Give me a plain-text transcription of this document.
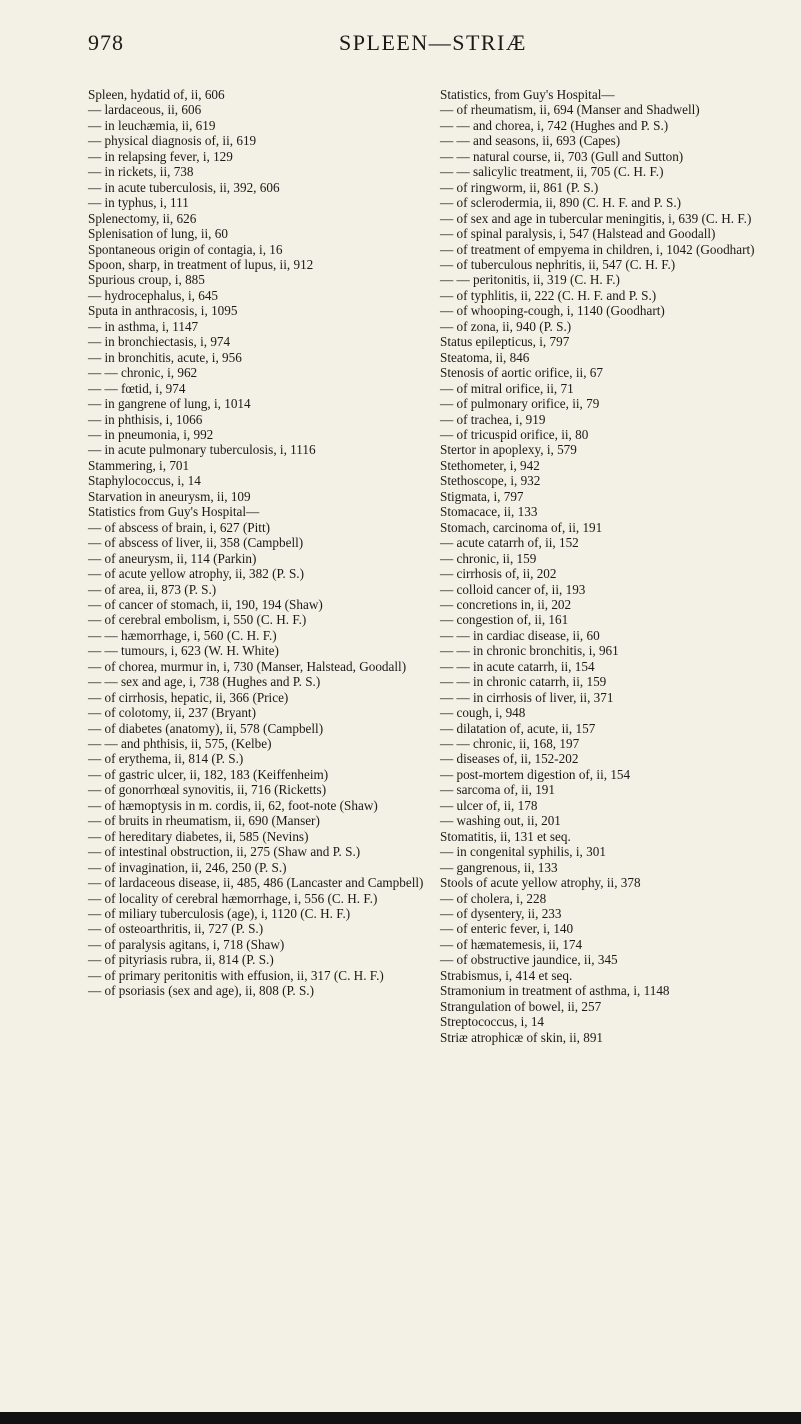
978	SPLEEN—STRIÆ
Spleen, hydatid of, ii, 606
— lardaceous, ii, 606
— in leuchæmia, ii, 619
— physical diagnosis of, ii, 619
— in relapsing fever, i, 129
— in rickets, ii, 738
— in acute tuberculosis, ii, 392, 606
— in typhus, i, 111
Splenectomy, ii, 626
Splenisation of lung, ii, 60
Spontaneous origin of contagia, i, 16
Spoon, sharp, in treatment of lupus, ii, 912
Spurious croup, i, 885
— hydrocephalus, i, 645
Sputa in anthracosis, i, 1095
— in asthma, i, 1147
— in bronchiectasis, i, 974
— in bronchitis, acute, i, 956
— — chronic, i, 962
— — fœtid, i, 974
— in gangrene of lung, i, 1014
— in phthisis, i, 1066
— in pneumonia, i, 992
— in acute pulmonary tuberculosis, i, 1116
Stammering, i, 701
Staphylococcus, i, 14
Starvation in aneurysm, ii, 109
Statistics from Guy's Hospital—
— of abscess of brain, i, 627 (Pitt)
— of abscess of liver, ii, 358 (Campbell)
— of aneurysm, ii, 114 (Parkin)
— of acute yellow atrophy, ii, 382 (P. S.)
— of area, ii, 873 (P. S.)
— of cancer of stomach, ii, 190, 194 (Shaw)
— of cerebral embolism, i, 550 (C. H. F.)
— — hæmorrhage, i, 560 (C. H. F.)
— — tumours, i, 623 (W. H. White)
— of chorea, murmur in, i, 730 (Manser, Halstead, Goodall)
— — sex and age, i, 738 (Hughes and P. S.)
— of cirrhosis, hepatic, ii, 366 (Price)
— of colotomy, ii, 237 (Bryant)
— of diabetes (anatomy), ii, 578 (Campbell)
— — and phthisis, ii, 575, (Kelbe)
— of erythema, ii, 814 (P. S.)
— of gastric ulcer, ii, 182, 183 (Keiffenheim)
— of gonorrhœal synovitis, ii, 716 (Ricketts)
— of hæmoptysis in m. cordis, ii, 62, foot-note (Shaw)
— of bruits in rheumatism, ii, 690 (Manser)
— of hereditary diabetes, ii, 585 (Nevins)
— of intestinal obstruction, ii, 275 (Shaw and P. S.)
— of invagination, ii, 246, 250 (P. S.)
— of lardaceous disease, ii, 485, 486 (Lancaster and Campbell)
— of locality of cerebral hæmorrhage, i, 556 (C. H. F.)
— of miliary tuberculosis (age), i, 1120 (C. H. F.)
— of osteoarthritis, ii, 727 (P. S.)
— of paralysis agitans, i, 718 (Shaw)
— of pityriasis rubra, ii, 814 (P. S.)
— of primary peritonitis with effusion, ii, 317 (C. H. F.)
— of psoriasis (sex and age), ii, 808 (P. S.)
Statistics, from Guy's Hospital—
— of rheumatism, ii, 694 (Manser and Shadwell)
— — and chorea, i, 742 (Hughes and P. S.)
— — and seasons, ii, 693 (Capes)
— — natural course, ii, 703 (Gull and Sutton)
— — salicylic treatment, ii, 705 (C. H. F.)
— of ringworm, ii, 861 (P. S.)
— of sclerodermia, ii, 890 (C. H. F. and P. S.)
— of sex and age in tubercular meningitis, i, 639 (C. H. F.)
— of spinal paralysis, i, 547 (Halstead and Goodall)
— of treatment of empyema in children, i, 1042 (Goodhart)
— of tuberculous nephritis, ii, 547 (C. H. F.)
— — peritonitis, ii, 319 (C. H. F.)
— of typhlitis, ii, 222 (C. H. F. and P. S.)
— of whooping-cough, i, 1140 (Goodhart)
— of zona, ii, 940 (P. S.)
Status epilepticus, i, 797
Steatoma, ii, 846
Stenosis of aortic orifice, ii, 67
— of mitral orifice, ii, 71
— of pulmonary orifice, ii, 79
— of trachea, i, 919
— of tricuspid orifice, ii, 80
Stertor in apoplexy, i, 579
Stethometer, i, 942
Stethoscope, i, 932
Stigmata, i, 797
Stomacace, ii, 133
Stomach, carcinoma of, ii, 191
— acute catarrh of, ii, 152
— chronic, ii, 159
— cirrhosis of, ii, 202
— colloid cancer of, ii, 193
— concretions in, ii, 202
— congestion of, ii, 161
— — in cardiac disease, ii, 60
— — in chronic bronchitis, i, 961
— — in acute catarrh, ii, 154
— — in chronic catarrh, ii, 159
— — in cirrhosis of liver, ii, 371
— cough, i, 948
— dilatation of, acute, ii, 157
— — chronic, ii, 168, 197
— diseases of, ii, 152-202
— post-mortem digestion of, ii, 154
— sarcoma of, ii, 191
— ulcer of, ii, 178
— washing out, ii, 201
Stomatitis, ii, 131 et seq.
— in congenital syphilis, i, 301
— gangrenous, ii, 133
Stools of acute yellow atrophy, ii, 378
— of cholera, i, 228
— of dysentery, ii, 233
— of enteric fever, i, 140
— of hæmatemesis, ii, 174
— of obstructive jaundice, ii, 345
Strabismus, i, 414 et seq.
Stramonium in treatment of asthma, i, 1148
Strangulation of bowel, ii, 257
Streptococcus, i, 14
Striæ atrophicæ of skin, ii, 891
